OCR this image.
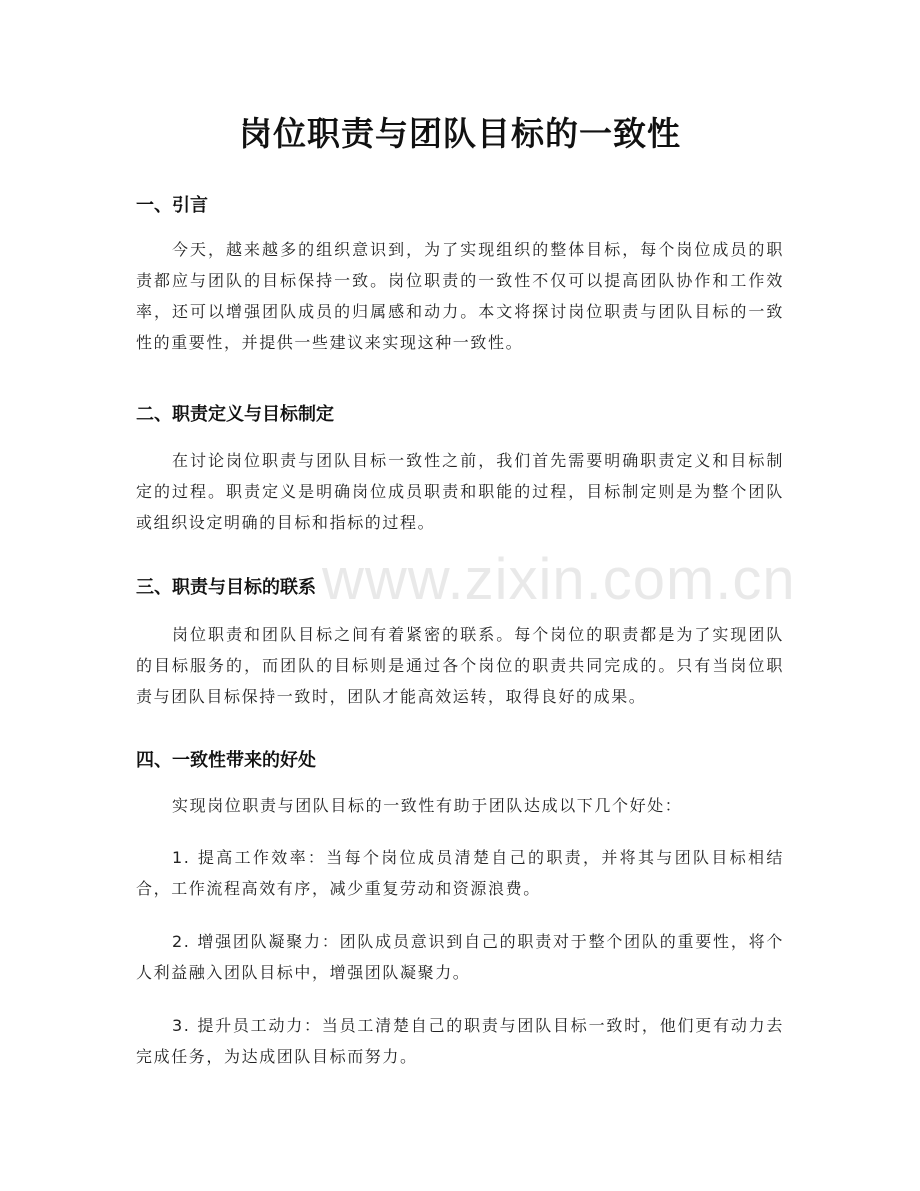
岗位职责与团队目标的一致性
一、引言

今天，越来越多的组织意识到，为了实现组织的整体目标，每个岗位成员的职责都应与团队的目标保持一致。岗位职责的一致性不仅可以提高团队协作和工作效率，还可以增强团队成员的归属感和动力。本文将探讨岗位职责与团队目标的一致性的重要性，并提供一些建议来实现这种一致性。

二、职责定义与目标制定

在讨论岗位职责与团队目标一致性之前，我们首先需要明确职责定义和目标制定的过程。职责定义是明确岗位成员职责和职能的过程，目标制定则是为整个团队或组织设定明确的目标和指标的过程。

三、职责与目标的联系

岗位职责和团队目标之间有着紧密的联系。每个岗位的职责都是为了实现团队的目标服务的，而团队的目标则是通过各个岗位的职责共同完成的。只有当岗位职责与团队目标保持一致时，团队才能高效运转，取得良好的成果。

四、一致性带来的好处

实现岗位职责与团队目标的一致性有助于团队达成以下几个好处：

1. 提高工作效率：当每个岗位成员清楚自己的职责，并将其与团队目标相结合，工作流程高效有序，减少重复劳动和资源浪费。

2. 增强团队凝聚力：团队成员意识到自己的职责对于整个团队的重要性，将个人利益融入团队目标中，增强团队凝聚力。

3. 提升员工动力：当员工清楚自己的职责与团队目标一致时，他们更有动力去完成任务，为达成团队目标而努力。

www.zixin.com.cn
